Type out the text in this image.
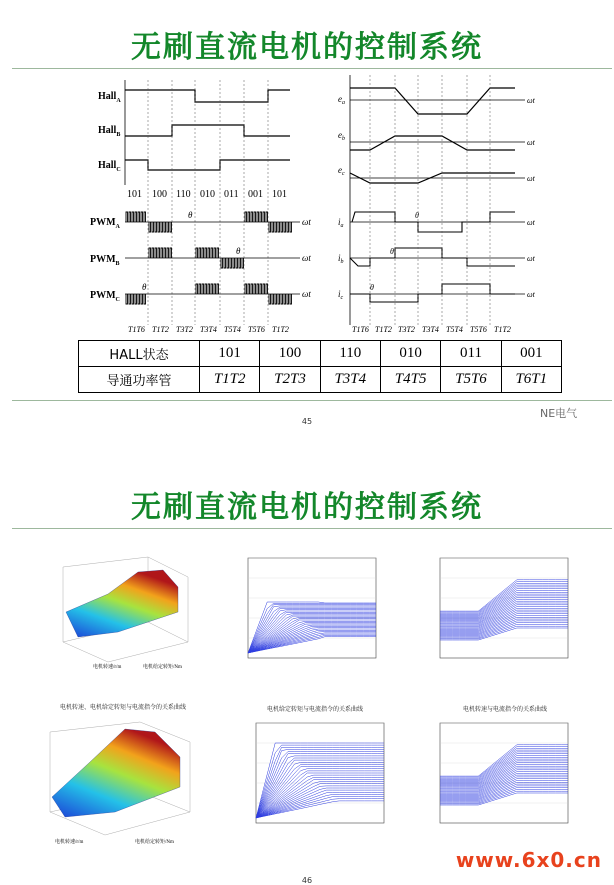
无刷直流电机的控制系统
Hall$_A$
Hall$_B$
Hall$_C$
101 100 110 010 011 001 101
$PWM_A$
$PWM_B$
$PWM_C$
ωt
ωt
ωt
θ
θ
θ
T1T6 T1T2 T3T2 T3T4 T5T4 T5T6 T1T2
$e_a$
$e_b$
$e_c$
ωt
ωt
ωt
$i_a$
$i_b$
$i_c$
ωt
ωt
ωt
θ
θ
θ
T1T6 T1T2 T3T2 T3T4 T5T4 T5T6 T1T2
HALL状态	101	100	110	010	011	001
导通功率管	T1T2	T2T3	T3T4	T4T5	T5T6	T6T1
45
NE电气
无刷直流电机的控制系统
电机转速/r/m	电机给定转矩/Nm
电机转速、电机给定转矩与电流指令的关系曲线	电机给定转矩与电流指令的关系曲线	电机转速与电流指令的关系曲线
电机转速/r/m	电机给定转矩/Nm
46
www.6x0.cn
